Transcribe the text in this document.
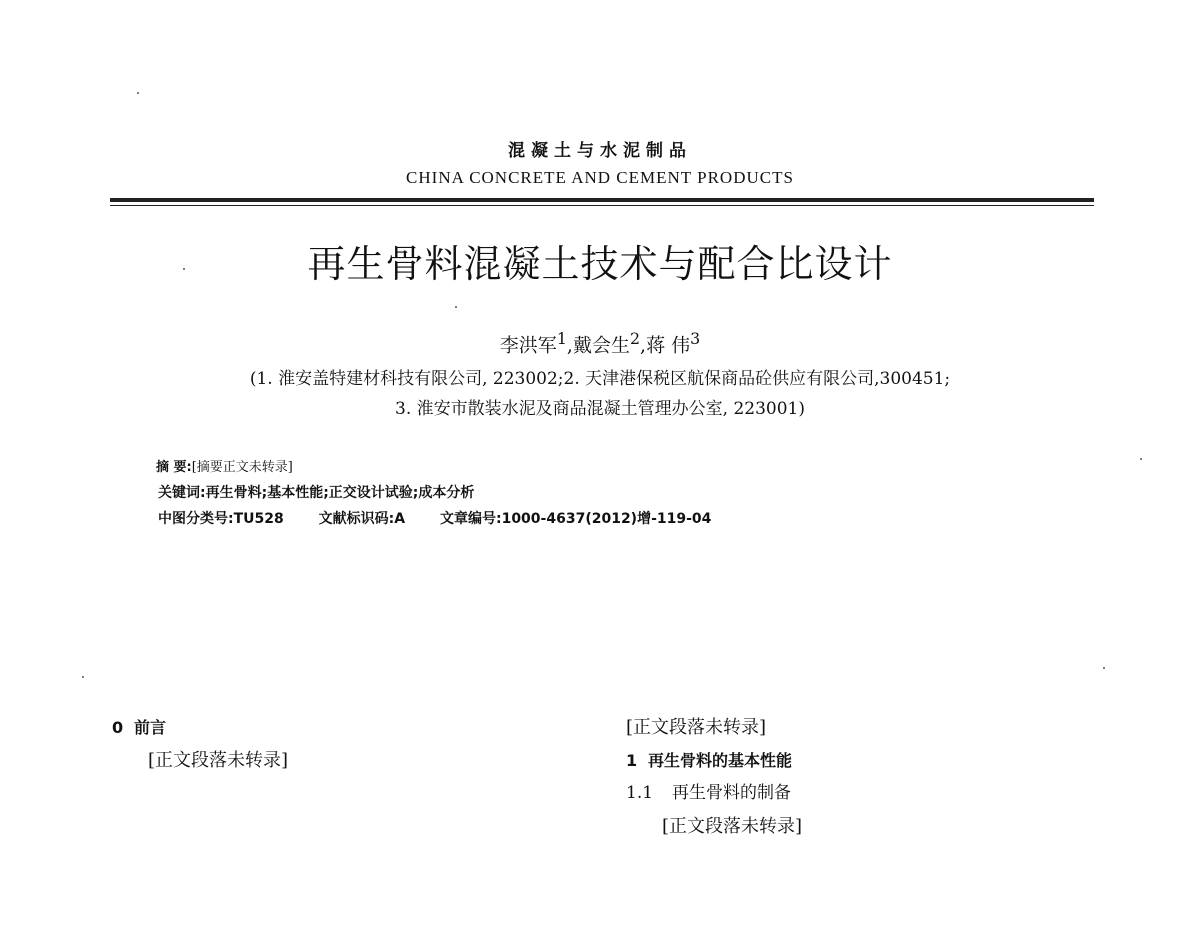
混凝土与水泥制品
CHINA CONCRETE AND CEMENT PRODUCTS
再生骨料混凝土技术与配合比设计
李洪军$^1$,戴会生$^2$,蒋 伟$^3$
(1. 淮安盖特建材科技有限公司, 223002;2. 天津港保税区航保商品砼供应有限公司,300451;
3. 淮安市散装水泥及商品混凝土管理办公室, 223001)

摘 要:[摘要正文未转录]

关键词:再生骨料;基本性能;正交设计试验;成本分析
中图分类号:TU528 文献标识码:A 文章编号:1000-4637(2012)增-119-04

0 前言

[正文段落未转录]

[正文段落未转录]

1 再生骨料的基本性能

1.1 再生骨料的制备

[正文段落未转录]
